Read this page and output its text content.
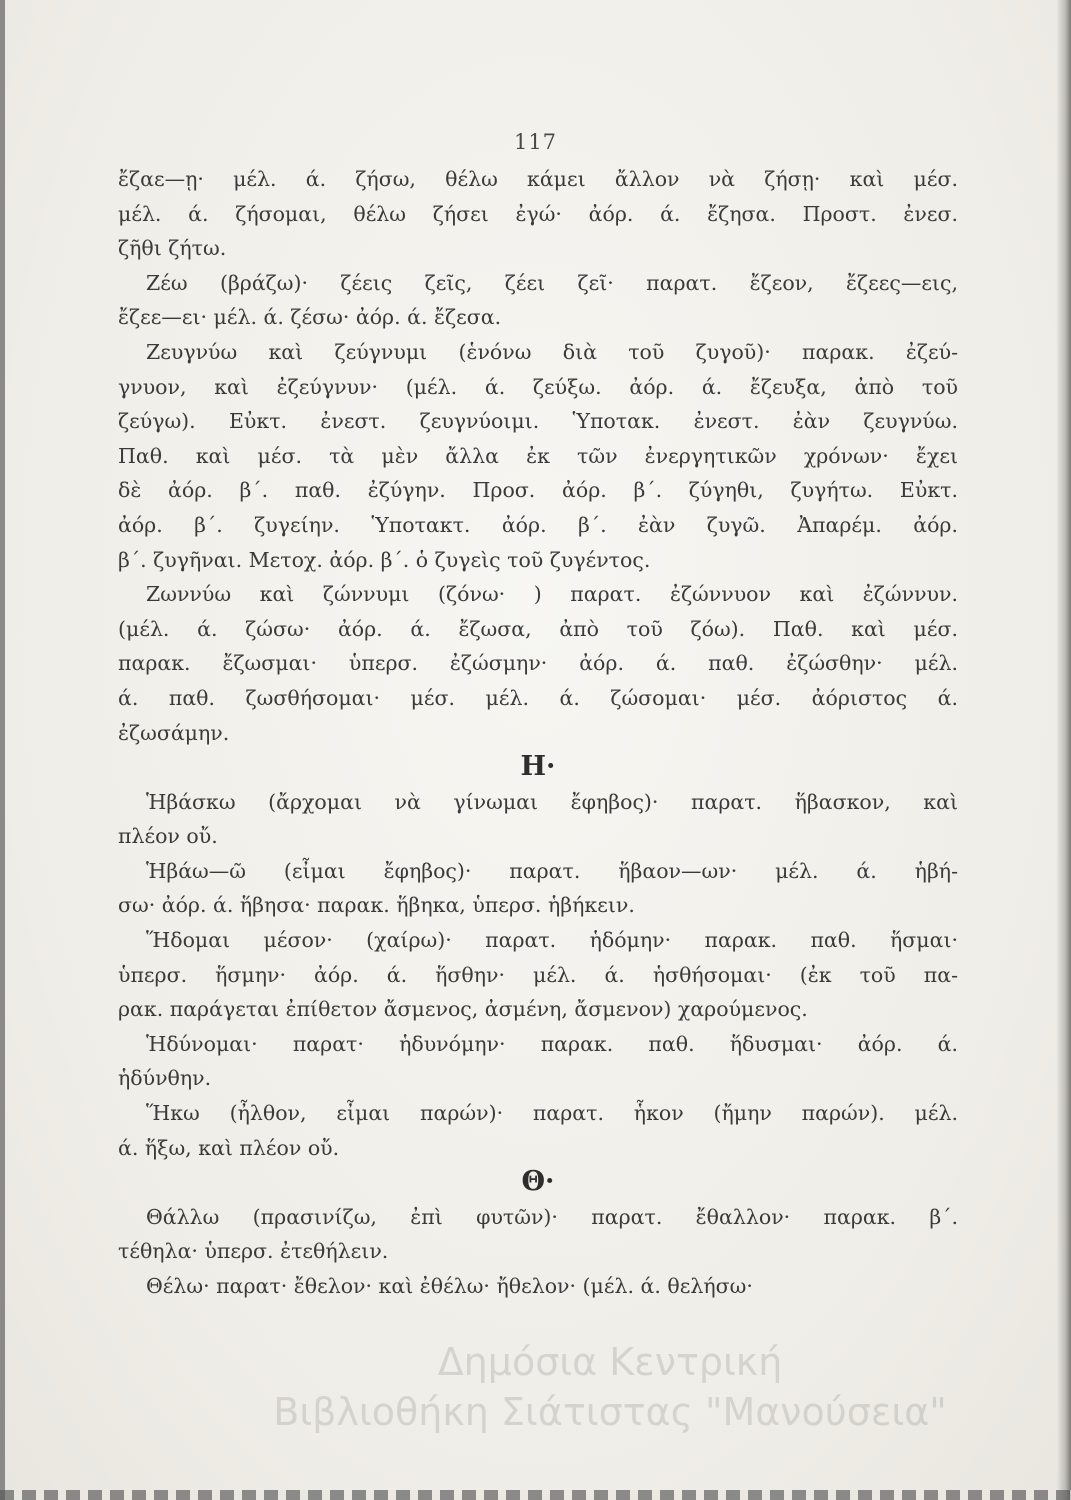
117
ἔζαε—ῃ· μέλ. ά. ζήσω, θέλω κάμει ἄλλον νὰ ζήσῃ· καὶ μέσ.
μέλ. ά. ζήσομαι, θέλω ζήσει ἐγώ· ἀόρ. ά. ἔζησα. Προστ. ἐνεσ.
ζῆθι ζήτω.
Ζέω (βράζω)· ζέεις ζεῖς, ζέει ζεῖ· παρατ. ἔζεον, ἔζεες—εις,
ἔζεε—ει· μέλ. ά. ζέσω· ἀόρ. ά. ἔζεσα.
Ζευγνύω καὶ ζεύγνυμι (ἑνόνω διὰ τοῦ ζυγοῦ)· παρακ. ἐζεύ-
γνυον, καὶ ἐζεύγνυν· (μέλ. ά. ζεύξω. ἀόρ. ά. ἔζευξα, ἀπὸ τοῦ
ζεύγω). Εὐκτ. ἐνεστ. ζευγνύοιμι. Ὑποτακ. ἐνεστ. ἐὰν ζευγνύω.
Παθ. καὶ μέσ. τὰ μὲν ἄλλα ἐκ τῶν ἐνεργητικῶν χρόνων· ἔχει
δὲ ἀόρ. β΄. παθ. ἐζύγην. Προσ. ἀόρ. β΄. ζύγηθι, ζυγήτω. Εὐκτ.
ἀόρ. β΄. ζυγείην. Ὑποτακτ. ἀόρ. β΄. ἐὰν ζυγῶ. Ἀπαρέμ. ἀόρ.
β΄. ζυγῆναι. Μετοχ. ἀόρ. β΄. ὁ ζυγεὶς τοῦ ζυγέντος.
Ζωννύω καὶ ζώννυμι (ζόνω· ) παρατ. ἐζώννυον καὶ ἐζώννυν.
(μέλ. ά. ζώσω· ἀόρ. ά. ἔζωσα, ἀπὸ τοῦ ζόω). Παθ. καὶ μέσ.
παρακ. ἔζωσμαι· ὑπερσ. ἐζώσμην· ἀόρ. ά. παθ. ἐζώσθην· μέλ.
ά. παθ. ζωσθήσομαι· μέσ. μέλ. ά. ζώσομαι· μέσ. ἀόριστος ά.
ἐζωσάμην.
Η·
Ἡβάσκω (ἄρχομαι νὰ γίνωμαι ἔφηβος)· παρατ. ἥβασκον, καὶ
πλέον οὔ.
Ἡβάω—ῶ (εἶμαι ἔφηβος)· παρατ. ἥβαον—ων· μέλ. ά. ἡβή-
σω· ἀόρ. ά. ἥβησα· παρακ. ἥβηκα, ὑπερσ. ἡβήκειν.
Ἥδομαι μέσον· (χαίρω)· παρατ. ἡδόμην· παρακ. παθ. ἥσμαι·
ὑπερσ. ἥσμην· ἀόρ. ά. ἥσθην· μέλ. ά. ἡσθήσομαι· (ἐκ τοῦ πα-
ρακ. παράγεται ἐπίθετον ἄσμενος, ἀσμένη, ἄσμενον) χαρούμενος.
Ἡδύνομαι· παρατ· ἡδυνόμην· παρακ. παθ. ἥδυσμαι· ἀόρ. ά.
ἡδύνθην.
Ἥκω (ἦλθον, εἶμαι παρών)· παρατ. ἧκον (ἤμην παρών). μέλ.
ά. ἥξω, καὶ πλέον οὔ.
Θ·
Θάλλω (πρασινίζω, ἐπὶ φυτῶν)· παρατ. ἔθαλλον· παρακ. β΄.
τέθηλα· ὑπερσ. ἐτεθήλειν.
Θέλω· παρατ· ἔθελον· καὶ ἐθέλω· ἤθελον· (μέλ. ά. θελήσω·
Δημόσια Κεντρική
Βιβλιοθήκη Σιάτιστας "Μανούσεια"
